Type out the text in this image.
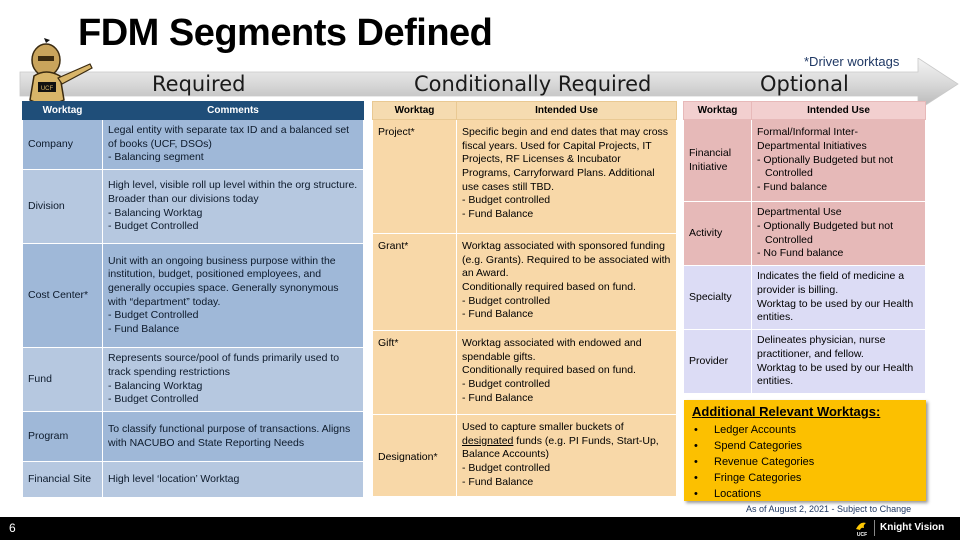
FDM Segments Defined
*Driver worktags
UCF	Required	Conditionally Required	Optional
Worktag	Comments
Company	Legal entity with separate tax ID and a balanced set of books (UCF, DSOs)
- Balancing segment
Division	High level, visible roll up level within the org structure. Broader than our divisions today
- Balancing Worktag
- Budget Controlled
Cost Center*	Unit with an ongoing business purpose within the institution, budget, positioned employees, and generally occupies space. Generally synonymous with “department” today.
- Budget Controlled
- Fund Balance
Fund	Represents source/pool of funds primarily used to track spending restrictions
- Balancing Worktag
- Budget Controlled
Program	To classify functional purpose of transactions. Aligns with NACUBO and State Reporting Needs
Financial Site	High level ‘location’ Worktag
Worktag	Intended Use
Project*	Specific begin and end dates that may cross fiscal years. Used for Capital Projects, IT Projects, RF Licenses & Incubator Programs, Carryforward Plans. Additional use cases still TBD.
- Budget controlled
- Fund Balance
Grant*	Worktag associated with sponsored funding (e.g. Grants). Required to be associated with an Award.
Conditionally required based on fund.
- Budget controlled
- Fund Balance
Gift*	Worktag associated with endowed and spendable gifts.
Conditionally required based on fund.
- Budget controlled
- Fund Balance
Designation*	Used to capture smaller buckets of designated funds (e.g. PI Funds, Start-Up, Balance Accounts)
- Budget controlled
- Fund Balance
Worktag	Intended Use
Financial Initiative	Formal/Informal Inter-Departmental Initiatives
- Optionally Budgeted but not

Controlled
- Fund balance
Activity	Departmental Use
- Optionally Budgeted but not

Controlled
- No Fund balance
Specialty	Indicates the field of medicine a provider is billing.
Worktag to be used by our Health entities.
Provider	Delineates physician, nurse practitioner, and fellow.
Worktag to be used by our Health entities.
Additional Relevant Worktags:
• Ledger Accounts
• Spend Categories
• Revenue Categories
• Fringe Categories
• Locations
As of August 2, 2021 - Subject to Change
6	UCF
Knight Vision
